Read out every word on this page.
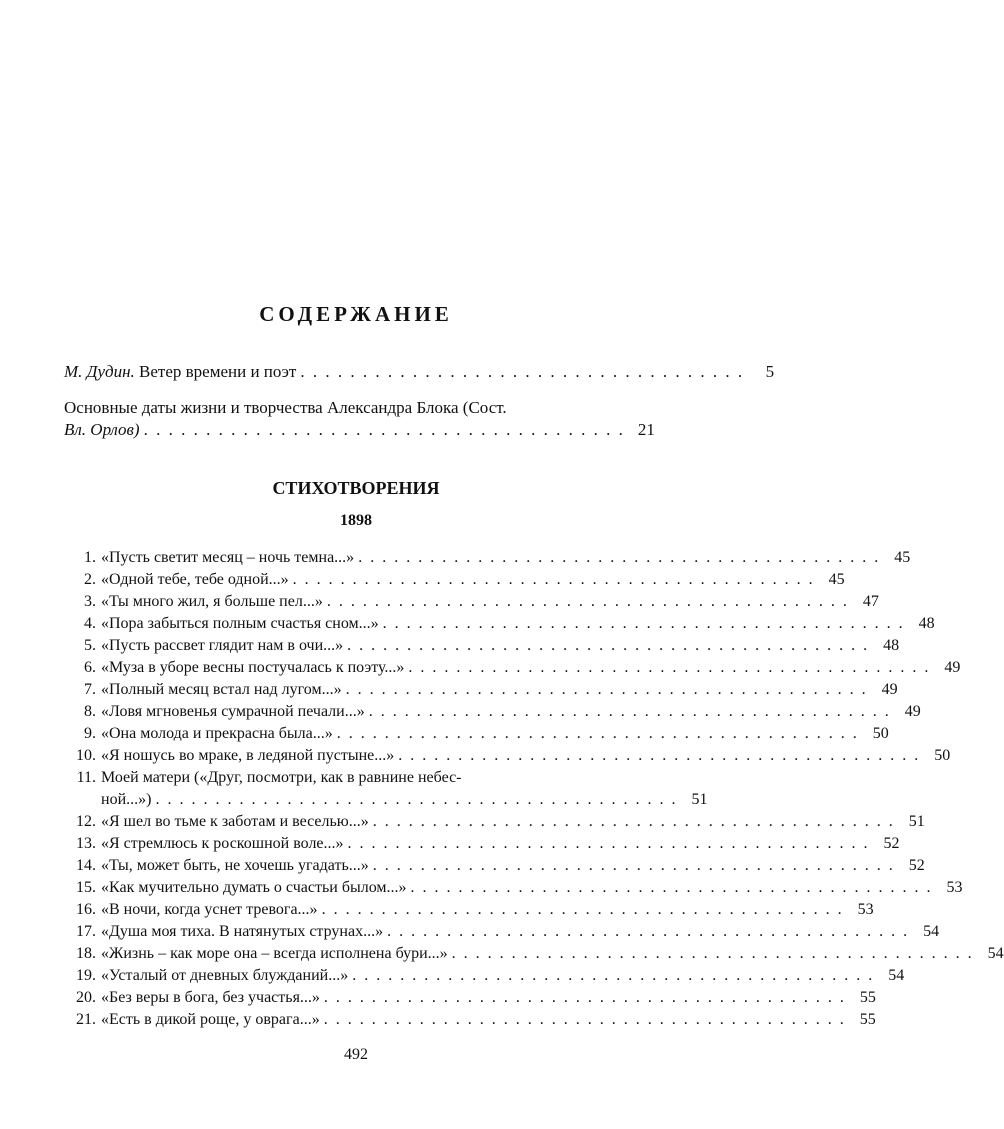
СОДЕРЖАНИЕ
М. Дудин. Ветер времени и поэт . . . . . . . . . . . . . . . . . . . . . . . . . . . . . . . . . . . .	5
Основные даты жизни и творчества Александра Блока (Сост.
Вл. Орлов) . . . . . . . . . . . . . . . . . . . . . . . . . . . . . . . . . . . . . . . 21
СТИХОТВОРЕНИЯ
1898
1. «Пусть светит месяц – ночь темна...» . . . . . . . . . . . . . . . . . . . . . . . . . . . . . . . . . . . . . . . . . . . . 45
2. «Одной тебе, тебе одной...» . . . . . . . . . . . . . . . . . . . . . . . . . . . . . . . . . . . . . . . . . . . . 45
3. «Ты много жил, я больше пел...» . . . . . . . . . . . . . . . . . . . . . . . . . . . . . . . . . . . . . . . . . . . . 47
4. «Пора забыться полным счастья сном...» . . . . . . . . . . . . . . . . . . . . . . . . . . . . . . . . . . . . . . . . . . . . 48
5. «Пусть рассвет глядит нам в очи...» . . . . . . . . . . . . . . . . . . . . . . . . . . . . . . . . . . . . . . . . . . . . 48
6. «Муза в уборе весны постучалась к поэту...» . . . . . . . . . . . . . . . . . . . . . . . . . . . . . . . . . . . . . . . . . . . . 49
7. «Полный месяц встал над лугом...» . . . . . . . . . . . . . . . . . . . . . . . . . . . . . . . . . . . . . . . . . . . . 49
8. «Ловя мгновенья сумрачной печали...» . . . . . . . . . . . . . . . . . . . . . . . . . . . . . . . . . . . . . . . . . . . . 49
9. «Она молода и прекрасна была...» . . . . . . . . . . . . . . . . . . . . . . . . . . . . . . . . . . . . . . . . . . . . 50
10. «Я ношусь во мраке, в ледяной пустыне...» . . . . . . . . . . . . . . . . . . . . . . . . . . . . . . . . . . . . . . . . . . . . 50
11. Моей матери («Друг, посмотри, как в равнине небес-
ной...») . . . . . . . . . . . . . . . . . . . . . . . . . . . . . . . . . . . . . . . . . . . . 51
12. «Я шел во тьме к заботам и веселью...» . . . . . . . . . . . . . . . . . . . . . . . . . . . . . . . . . . . . . . . . . . . . 51
13. «Я стремлюсь к роскошной воле...» . . . . . . . . . . . . . . . . . . . . . . . . . . . . . . . . . . . . . . . . . . . . 52
14. «Ты, может быть, не хочешь угадать...» . . . . . . . . . . . . . . . . . . . . . . . . . . . . . . . . . . . . . . . . . . . . 52
15. «Как мучительно думать о счастьи былом...» . . . . . . . . . . . . . . . . . . . . . . . . . . . . . . . . . . . . . . . . . . . . 53
16. «В ночи, когда уснет тревога...» . . . . . . . . . . . . . . . . . . . . . . . . . . . . . . . . . . . . . . . . . . . . 53
17. «Душа моя тиха. В натянутых струнах...» . . . . . . . . . . . . . . . . . . . . . . . . . . . . . . . . . . . . . . . . . . . . 54
18. «Жизнь – как море она – всегда исполнена бури...» . . . . . . . . . . . . . . . . . . . . . . . . . . . . . . . . . . . . . . . . . . . . 54
19. «Усталый от дневных блужданий...» . . . . . . . . . . . . . . . . . . . . . . . . . . . . . . . . . . . . . . . . . . . . 54
20. «Без веры в бога, без участья...» . . . . . . . . . . . . . . . . . . . . . . . . . . . . . . . . . . . . . . . . . . . . 55
21. «Есть в дикой роще, у оврага...» . . . . . . . . . . . . . . . . . . . . . . . . . . . . . . . . . . . . . . . . . . . . 55
492
